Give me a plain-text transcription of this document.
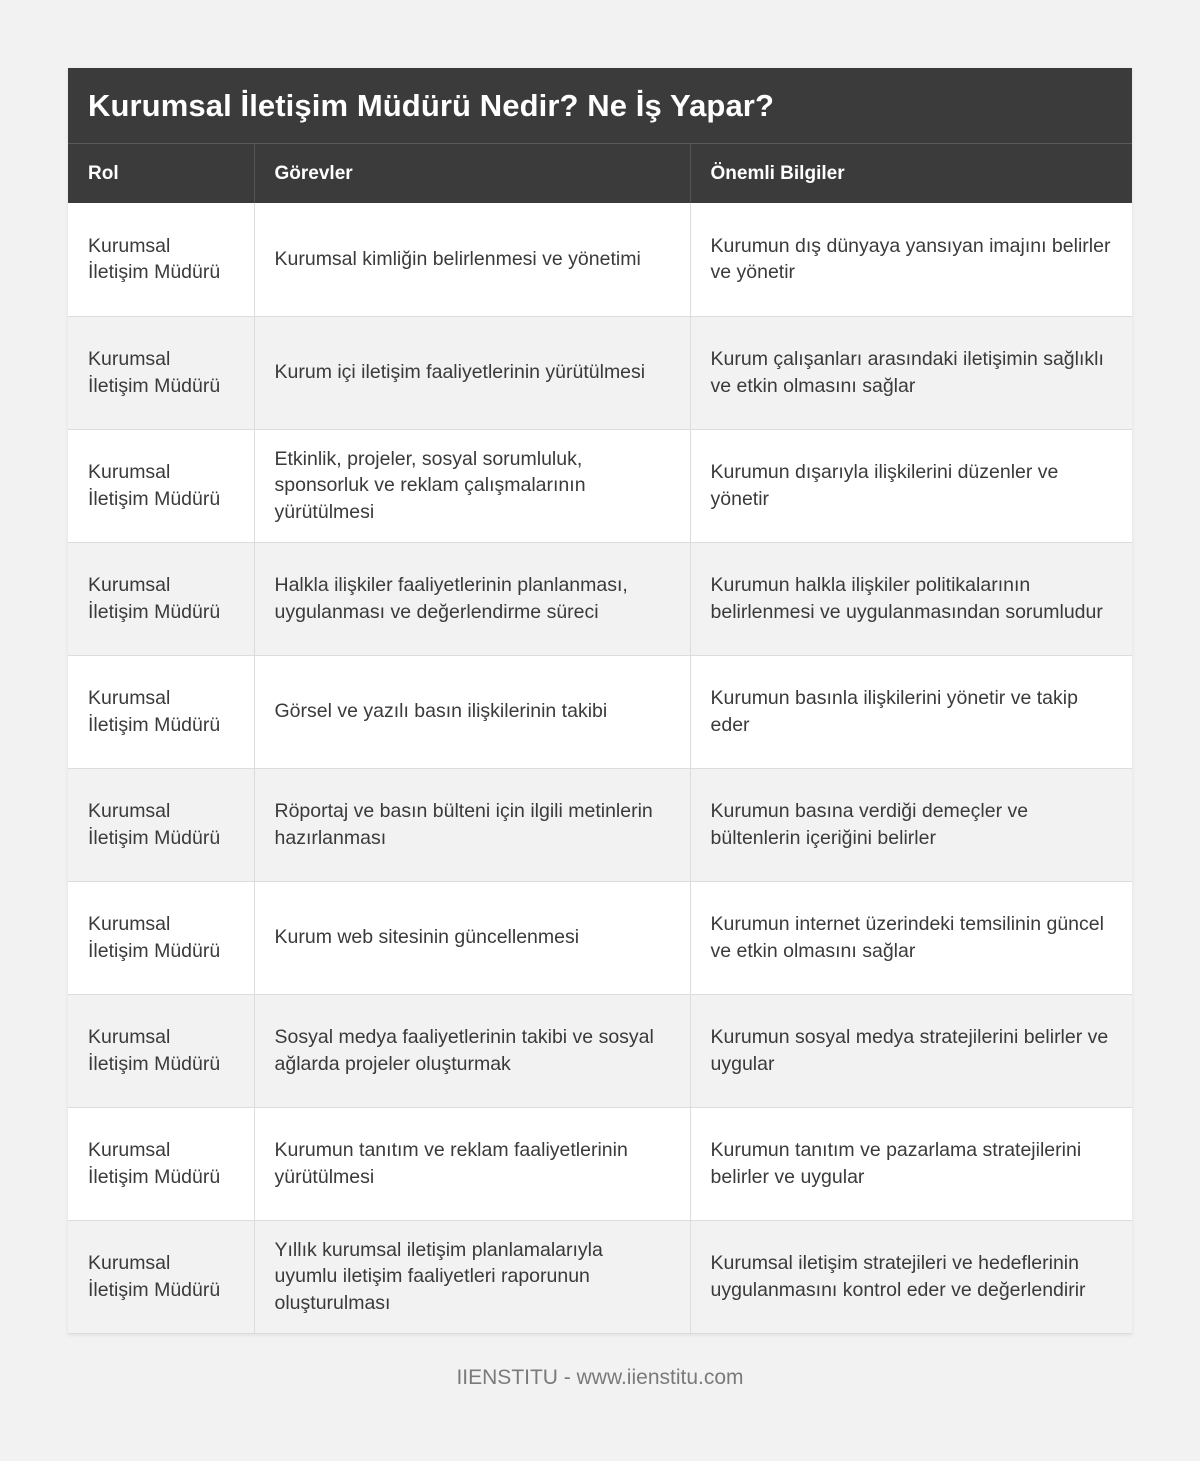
Kurumsal İletişim Müdürü Nedir? Ne İş Yapar?
Rol	Görevler	Önemli Bilgiler
Kurumsal İletişim Müdürü	Kurumsal kimliğin belirlenmesi ve yönetimi	Kurumun dış dünyaya yansıyan imajını belirler ve yönetir
Kurumsal İletişim Müdürü	Kurum içi iletişim faaliyetlerinin yürütülmesi	Kurum çalışanları arasındaki iletişimin sağlıklı ve etkin olmasını sağlar
Kurumsal İletişim Müdürü	Etkinlik, projeler, sosyal sorumluluk, sponsorluk ve reklam çalışmalarının yürütülmesi	Kurumun dışarıyla ilişkilerini düzenler ve yönetir
Kurumsal İletişim Müdürü	Halkla ilişkiler faaliyetlerinin planlanması, uygulanması ve değerlendirme süreci	Kurumun halkla ilişkiler politikalarının belirlenmesi ve uygulanmasından sorumludur
Kurumsal İletişim Müdürü	Görsel ve yazılı basın ilişkilerinin takibi	Kurumun basınla ilişkilerini yönetir ve takip eder
Kurumsal İletişim Müdürü	Röportaj ve basın bülteni için ilgili metinlerin hazırlanması	Kurumun basına verdiği demeçler ve bültenlerin içeriğini belirler
Kurumsal İletişim Müdürü	Kurum web sitesinin güncellenmesi	Kurumun internet üzerindeki temsilinin güncel ve etkin olmasını sağlar
Kurumsal İletişim Müdürü	Sosyal medya faaliyetlerinin takibi ve sosyal ağlarda projeler oluşturmak	Kurumun sosyal medya stratejilerini belirler ve uygular
Kurumsal İletişim Müdürü	Kurumun tanıtım ve reklam faaliyetlerinin yürütülmesi	Kurumun tanıtım ve pazarlama stratejilerini belirler ve uygular
Kurumsal İletişim Müdürü	Yıllık kurumsal iletişim planlamalarıyla uyumlu iletişim faaliyetleri raporunun oluşturulması	Kurumsal iletişim stratejileri ve hedeflerinin uygulanmasını kontrol eder ve değerlendirir
IIENSTITU - www.iienstitu.com
